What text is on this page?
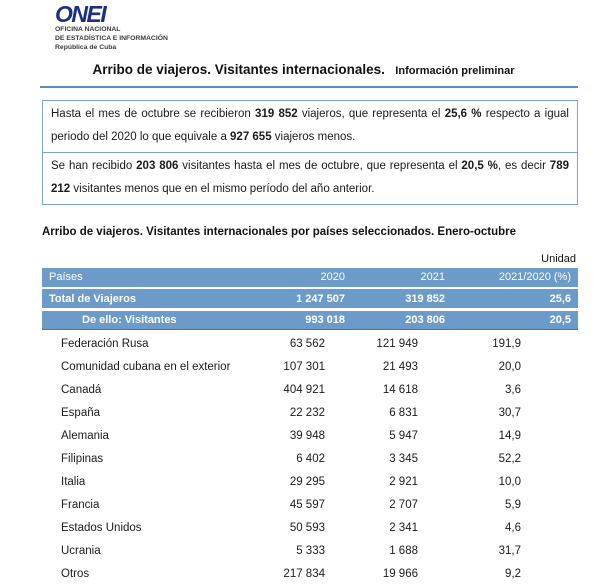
ONEI
OFICINA NACIONAL
DE ESTADÍSTICA E INFORMACIÓN
República de Cuba
Arribo de viajeros. Visitantes internacionales. Información preliminar
Hasta el mes de octubre se recibieron 319 852 viajeros, que representa el 25,6 % respecto a igual periodo del 2020 lo que equivale a 927 655 viajeros menos.
Se han recibido 203 806 visitantes hasta el mes de octubre, que representa el 20,5 %, es decir 789 212 visitantes menos que en el mismo período del año anterior.
Arribo de viajeros. Visitantes internacionales por países seleccionados. Enero-octubre
Unidad
Países	2020	2021	2021/2020 (%)
Total de Viajeros	1 247 507	319 852	25,6
De ello: Visitantes	993 018	203 806	20,5
Federación Rusa	63 562	121 949	191,9
Comunidad cubana en el exterior	107 301	21 493	20,0
Canadá	404 921	14 618	3,6
España	22 232	6 831	30,7
Alemania	39 948	5 947	14,9
Filipinas	6 402	3 345	52,2
Italia	29 295	2 921	10,0
Francia	45 597	2 707	5,9
Estados Unidos	50 593	2 341	4,6
Ucrania	5 333	1 688	31,7
Otros	217 834	19 966	9,2
